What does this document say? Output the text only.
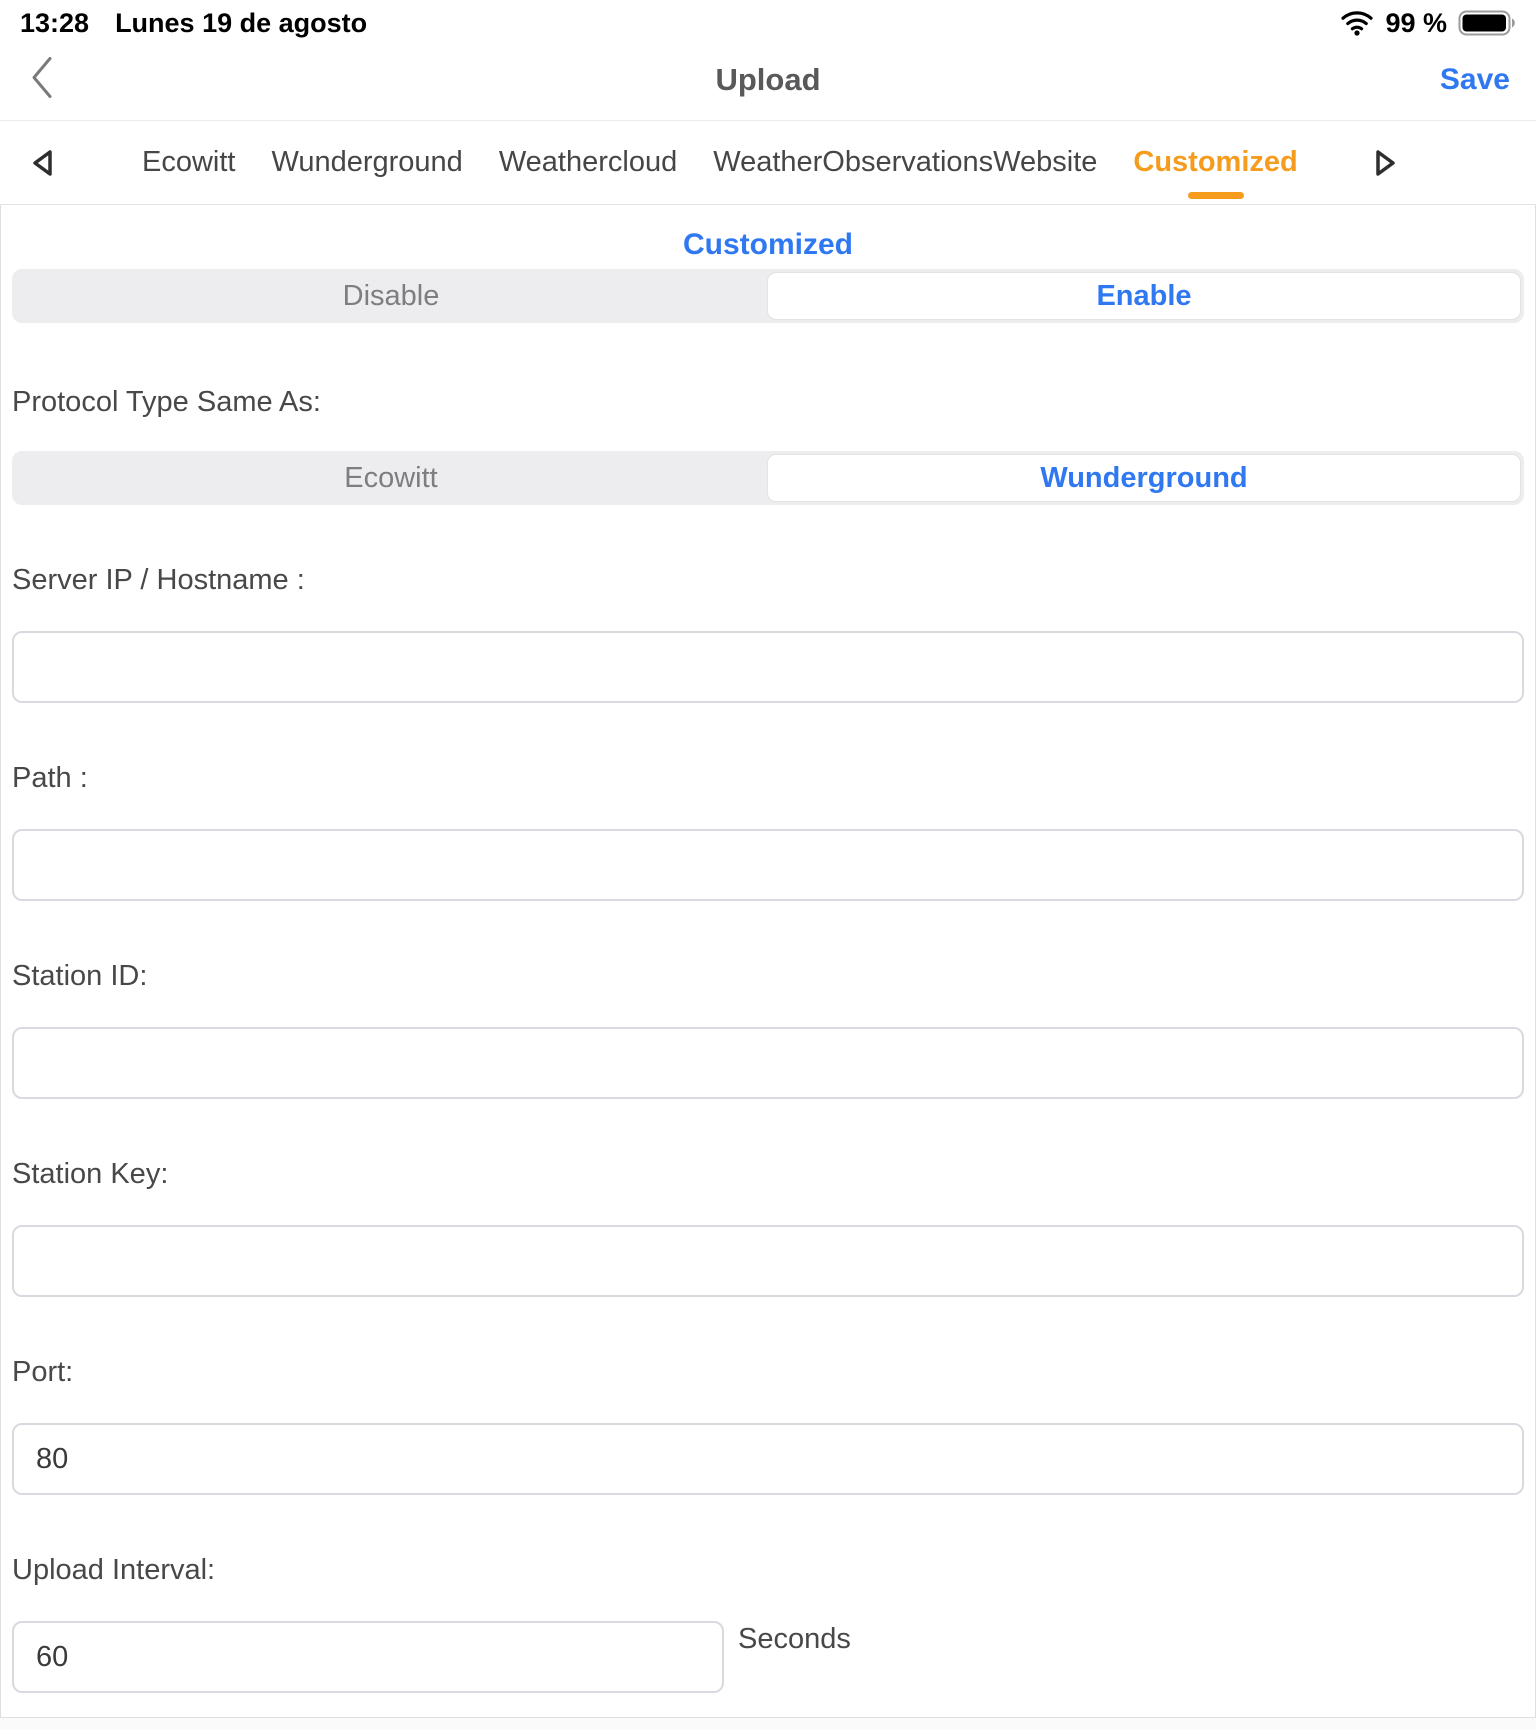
13:28 Lunes 19 de agosto	99 %
Upload	Save
Ecowitt Wunderground Weathercloud WeatherObservationsWebsite Customized
Customized
Disable	Enable
Protocol Type Same As:
Ecowitt	Wunderground
Server IP / Hostname :
Path :
Station ID:
Station Key:
Port:
80
Upload Interval:
60
Seconds
